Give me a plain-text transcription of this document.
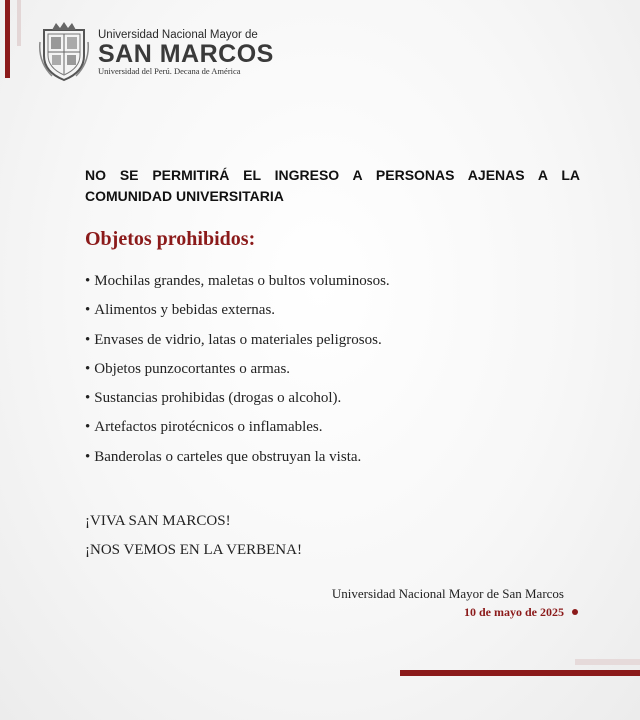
Universidad Nacional Mayor de
SAN MARCOS
Universidad del Perú. Decana de América
NO SE PERMITIRÁ EL INGRESO A PERSONAS AJENAS A LA COMUNIDAD UNIVERSITARIA
Objetos prohibidos:
• Mochilas grandes, maletas o bultos voluminosos.
• Alimentos y bebidas externas.
• Envases de vidrio, latas o materiales peligrosos.
• Objetos punzocortantes o armas.
• Sustancias prohibidas (drogas o alcohol).
• Artefactos pirotécnicos o inflamables.
• Banderolas o carteles que obstruyan la vista.
¡VIVA SAN MARCOS!
¡NOS VEMOS EN LA VERBENA!
Universidad Nacional Mayor de San Marcos
10 de mayo de 2025
